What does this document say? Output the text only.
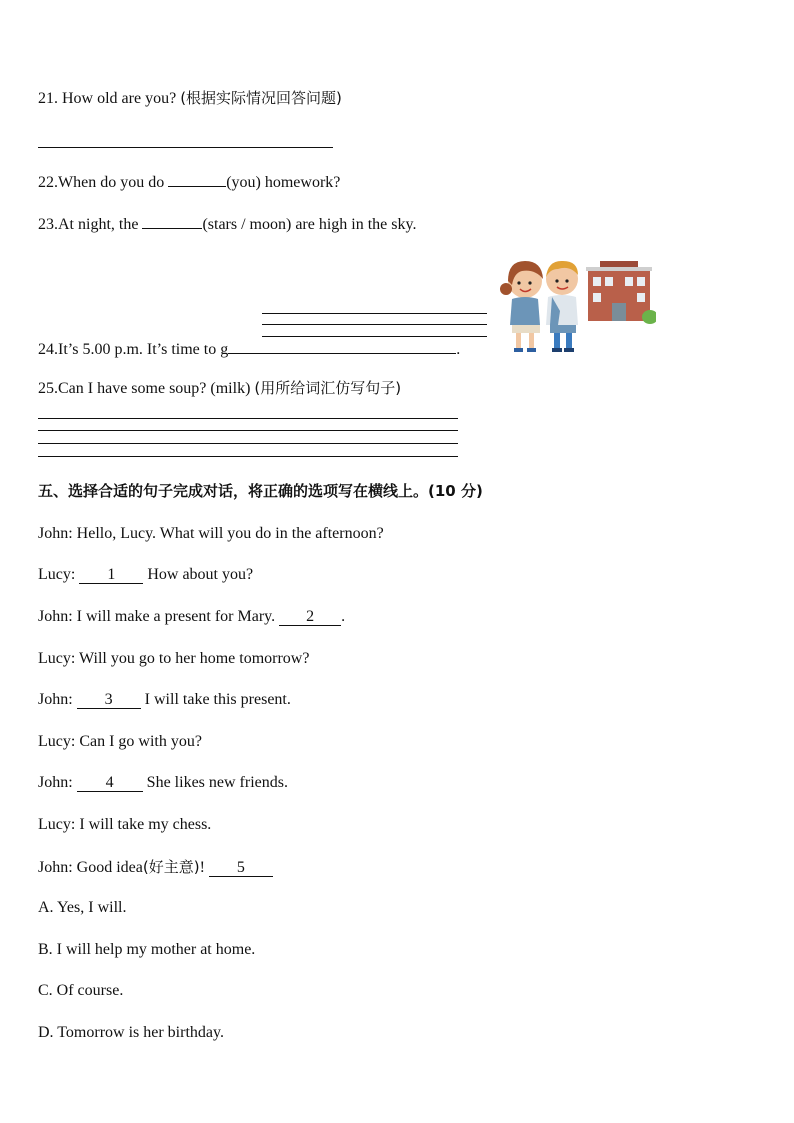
21. How old are you? (根据实际情况回答问题)
22.When do you do	(you) homework?
23.At night, the	(stars / moon) are high in the sky.
24.It’s 5.00 p.m. It’s time to g	.
25.Can I have some soup? (milk) (用所给词汇仿写句子)
五、选择合适的句子完成对话，将正确的选项写在横线上。(10 分)
John: Hello, Lucy. What will you do in the afternoon?
Lucy: 1 How about you?
John: I will make a present for Mary. 2 .
Lucy: Will you go to her home tomorrow?
John: 3 I will take this present.
Lucy: Can I go with you?
John: 4 She likes new friends.
Lucy: I will take my chess.
John: Good idea(好主意)! 5
A. Yes, I will.
B. I will help my mother at home.
C. Of course.
D. Tomorrow is her birthday.
